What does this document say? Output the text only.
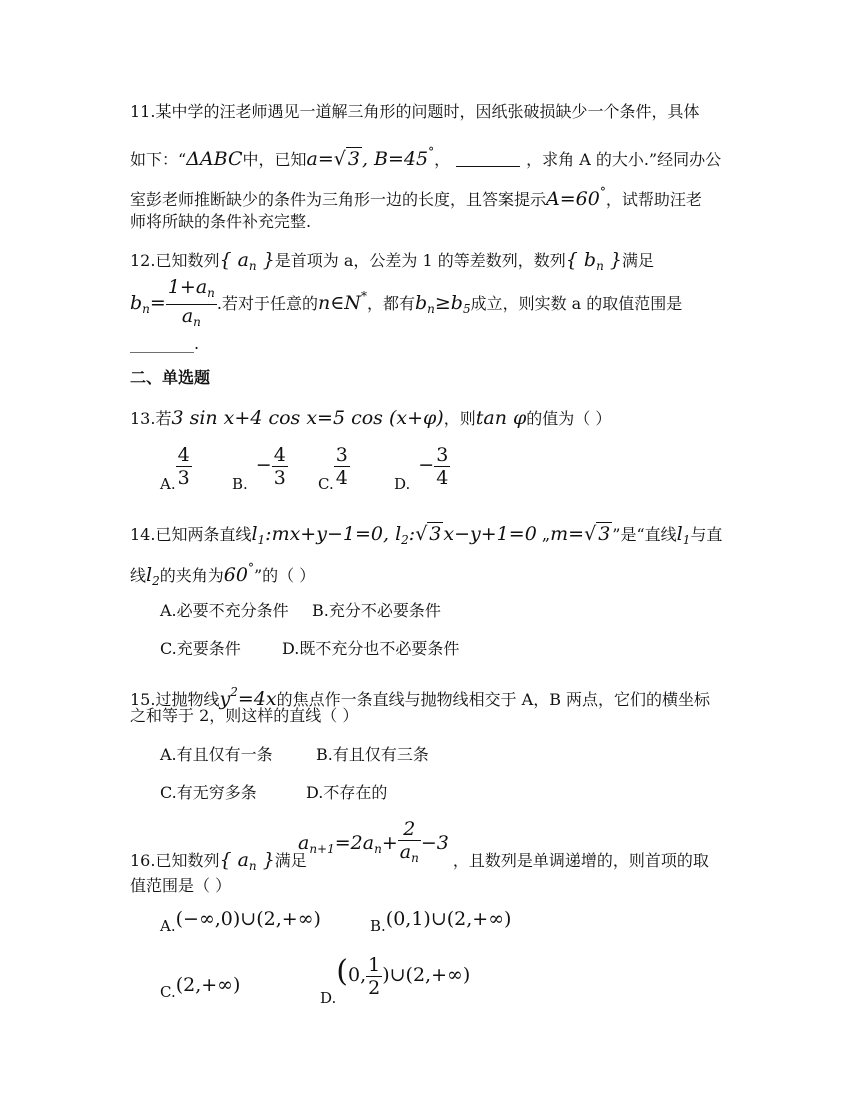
11.某中学的汪老师遇见一道解三角形的问题时，因纸张破损缺少一个条件，具体
如下：“ΔABC中，已知a=√ 3 , B=45°，	，求角 A 的大小.”经同办公
室彭老师推断缺少的条件为三角形一边的长度，且答案提示A=60°，试帮助汪老
师将所缺的条件补充完整.
12.已知数列{ $a_n$ }是首项为 a，公差为 1 的等差数列，数列{ $b_n$ }满足
$b_n= \frac{1+a_n}{a_n}$ .若对于任意的n∈N*，都有$b_n\ge b_5$成立，则实数 a 的取值范围是
________.
二、单选题
13.若3 sin x+4 cos x=5 cos (x+φ)，则tan φ的值为（ ）
A. $\frac{4}{3}$	$B.- \frac{4}{3} C$. $\frac{3}{4}$	$D.- \frac{3}{4}$
14.已知两条直线$l_1:mx+y-1=0$, $l_2:√$ 3 x−y+1=0 „m=√ 3 ”是“直线$l_1$与直
线$l_2$的夹角为60°”的（ ）
A.必要不充分条件 B.充分不必要条件
C.充要条件	D.既不充分也不必要条件
15.过抛物线$y^2=4x$的焦点作一条直线与抛物线相交于 A，B 两点，它们的横坐标
之和等于 2，则这样的直线（ ）
A.有且仅有一条	B.有且仅有三条
C.有无穷多条	D.不存在的
$a_{n+1}=2a_n+ \frac{2}{a_n} -3$
16.已知数列{ $a_n$ }满足	，且数列是单调递增的，则首项的取
值范围是（ ）
A.(−∞,0)∪(2,+∞)	B.(0,1)∪(2,+∞)
C.(2,+∞)
D.(0, $\frac{1}{2}$ )∪(2,+∞)
